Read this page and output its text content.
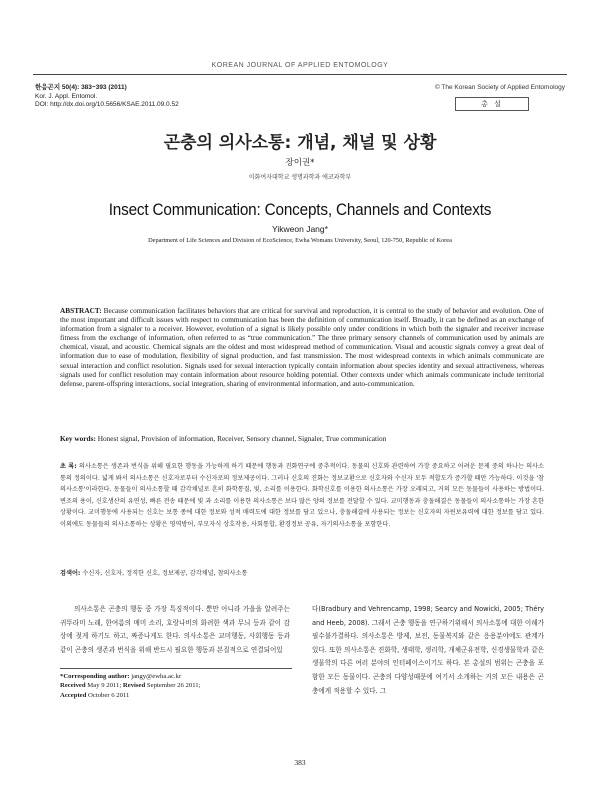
KOREAN JOURNAL OF APPLIED ENTOMOLOGY
한응곤지 50(4): 383~393 (2011)
Kor. J. Appl. Entomol.
DOI: http://dx.doi.org/10.5656/KSAE.2011.09.0.52
© The Korean Society of Applied Entomology
총 설
곤충의 의사소통: 개념, 채널 및 상황
장이권*
이화여자대학교 생명과학과 에코과학부
Insect Communication: Concepts, Channels and Contexts
Yikweon Jang*
Department of Life Sciences and Division of EcoScience, Ewha Womans University, Seoul, 120-750, Republic of Korea
ABSTRACT: Because communication facilitates behaviors that are critical for survival and reproduction, it is central to the study of behavior and evolution. One of the most important and difficult issues with respect to communication has been the definition of communication itself. Broadly, it can be defined as an exchange of information from a signaler to a receiver. However, evolution of a signal is likely possible only under conditions in which both the signaler and receiver increase fitness from the exchange of information, often referred to as “true communication.” The three primary sensory channels of communication used by animals are chemical, visual, and acoustic. Chemical signals are the oldest and most widespread method of communication. Visual and acoustic signals convey a great deal of information due to ease of modulation, flexibility of signal production, and fast transmission. The most widespread contexts in which animals communicate are sexual interaction and conflict resolution. Signals used for sexual interaction typically contain information about species identity and sexual attractiveness, whereas signals used for conflict resolution may contain information about resource holding potential. Other contexts under which animals communicate include territorial defense, parent-offspring interactions, social integration, sharing of environmental information, and auto-communication.
Key words: Honest signal, Provision of information, Receiver, Sensory channel, Signaler, True communication
초 록: 의사소통은 생존과 번식을 위해 필요한 행동을 가능하게 하기 때문에 행동과 진화연구에 중추적이다. 동물의 신호와 관련하여 가장 중요하고 어려운 문제 중의 하나는 의사소통의 정의이다. 넓게 봐서 의사소통은 신호자로부터 수신자로의 정보제공이다. 그러나 신호의 진화는 정보교환으로 신호자와 수신자 모두 적합도가 증가할 때만 가능하다. 이것을 '참의사소통'이라한다. 동물들이 의사소통할 때 감각채널로 흔히 화학통질, 빛, 소리를 이용한다. 화학신호를 이용한 의사소통은 가장 오래되고, 거의 모든 동물들이 사용하는 방법이다. 변조의 용이, 신호생산의 유연성, 빠른 전송 때문에 빛 과 소리를 이용한 의사소통은 보다 많은 양의 정보를 전달할 수 있다. 교미행동과 충돌해결은 동물들이 의사소통하는 가장 흔한 상황이다. 교미행동에 사용되는 신호는 보통 종에 대한 정보와 성적 매력도에 대한 정보를 담고 있으나, 충돌해결에 사용되는 정보는 신호자의 자윈보유력에 대한 정보를 담고 있다. 이외에도 동물들의 의사소통하는 상황은 영역방어, 부모자식 상호작용, 사회통합, 환경정보 공유, 자기의사소통을 포함한다.
검색어: 수신자, 신호자, 정직한 신호, 정보제공, 감각채널, 참의사소통
의사소통은 곤충의 행동 중 가장 특징적이다. 뿐만 아니라 가을을 알려주는 귀뚜라미 노래, 한여름의 매미 소리, 호랑나비의 화려한 색과 무늬 등과 같이 감상에 젖게 하기도 하고, 짜증나게도 한다. 의사소통은 교미행동, 사회행동 등과 같이 곤충의 생존과 번식을 위해 반드시 필요한 행동과 본질적으로 연결되어있
다(Bradbury and Vehrencamp, 1998; Searcy and Nowicki, 2005; Théry and Heeb, 2008). 그래서 곤충 행동을 연구하기위해서 의사소통에 대한 이해가 필수불가결하다. 의사소통은 방제, 보전, 동물복지와 같은 응용분야에도 관계가 있다. 또한 의사소통은 진화학, 생태학, 생리학, 개체군유전학, 신경생물학과 같은 생물학의 다른 여러 분야의 인터페이스이기도 하다. 본 총설의 범위는 곤충을 포함한 모든 동물이다. 곤충의 다양성때문에 여기서 소개하는 거의 모든 내용은 곤충에게 적용할 수 있다. 그
*Corresponding author: jangy@ewha.ac.kr
Received May 9 2011; Revised September 26 2011;
Accepted October 6 2011
383
